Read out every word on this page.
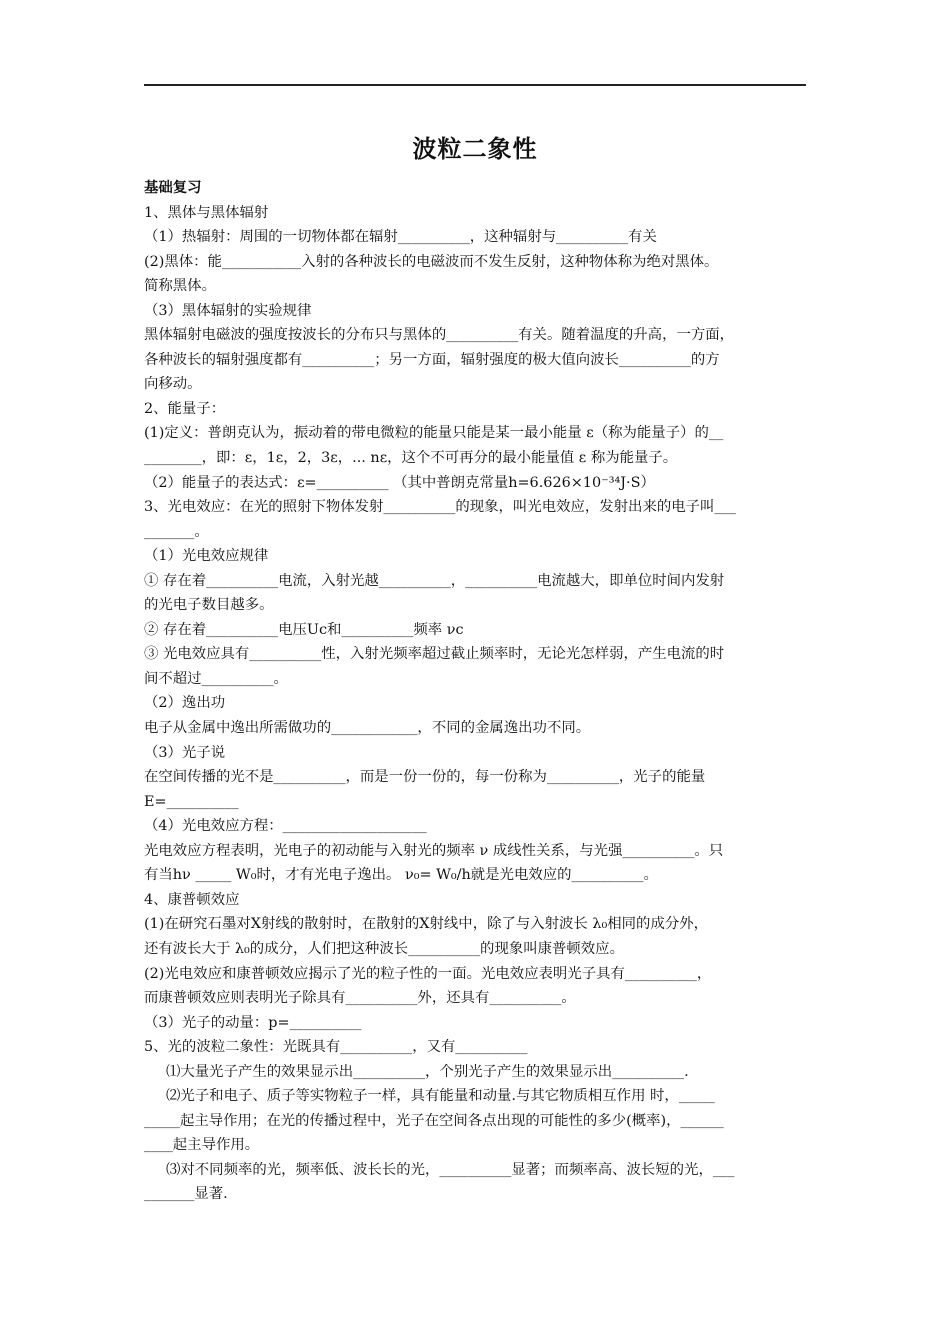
波粒二象性
基础复习
1、黑体与黑体辐射
（1）热辐射：周围的一切物体都在辐射__________，这种辐射与__________有关
(2)黑体：能___________入射的各种波长的电磁波而不发生反射，这种物体称为绝对黑体。
简称黑体。
（3）黑体辐射的实验规律
黑体辐射电磁波的强度按波长的分布只与黑体的__________有关。随着温度的升高，一方面，
各种波长的辐射强度都有__________；另一方面，辐射强度的极大值向波长__________的方
向移动。
2、能量子：
(1)定义：普朗克认为，振动着的带电微粒的能量只能是某一最小能量 ε（称为能量子）的__
________，即：ε，1ε，2，3ε，... nε，这个不可再分的最小能量值 ε 称为能量子。
（2）能量子的表达式：ε=__________ （其中普朗克常量h=6.626×10⁻³⁴J·S）
3、光电效应：在光的照射下物体发射__________的现象，叫光电效应，发射出来的电子叫___
_______。
（1）光电效应规律
① 存在着__________电流，入射光越__________，__________电流越大，即单位时间内发射
的光电子数目越多。
② 存在着__________电压Uc和__________频率 νc
③ 光电效应具有__________性，入射光频率超过截止频率时，无论光怎样弱，产生电流的时
间不超过__________。
（2）逸出功
电子从金属中逸出所需做功的____________，不同的金属逸出功不同。
（3）光子说
在空间传播的光不是__________，而是一份一份的，每一份称为__________，光子的能量
E=__________
（4）光电效应方程：____________________
光电效应方程表明，光电子的初动能与入射光的频率 ν 成线性关系，与光强__________。只
有当hν _____ W₀时，才有光电子逸出。 ν₀= W₀/h就是光电效应的__________。
4、康普顿效应
(1)在研究石墨对X射线的散射时，在散射的X射线中，除了与入射波长 λ₀相同的成分外，
还有波长大于 λ₀的成分，人们把这种波长__________的现象叫康普顿效应。
(2)光电效应和康普顿效应揭示了光的粒子性的一面。光电效应表明光子具有__________，
而康普顿效应则表明光子除具有__________外，还具有__________。
（3）光子的动量：p=__________
5、光的波粒二象性：光既具有__________，又有__________
⑴大量光子产生的效果显示出__________，个别光子产生的效果显示出__________.
⑵光子和电子、质子等实物粒子一样，具有能量和动量.与其它物质相互作用 时，_____
_____起主导作用；在光的传播过程中，光子在空间各点出现的可能性的多少(概率)，______
____起主导作用。
⑶对不同频率的光，频率低、波长长的光，__________显著；而频率高、波长短的光，___
_______显著.
